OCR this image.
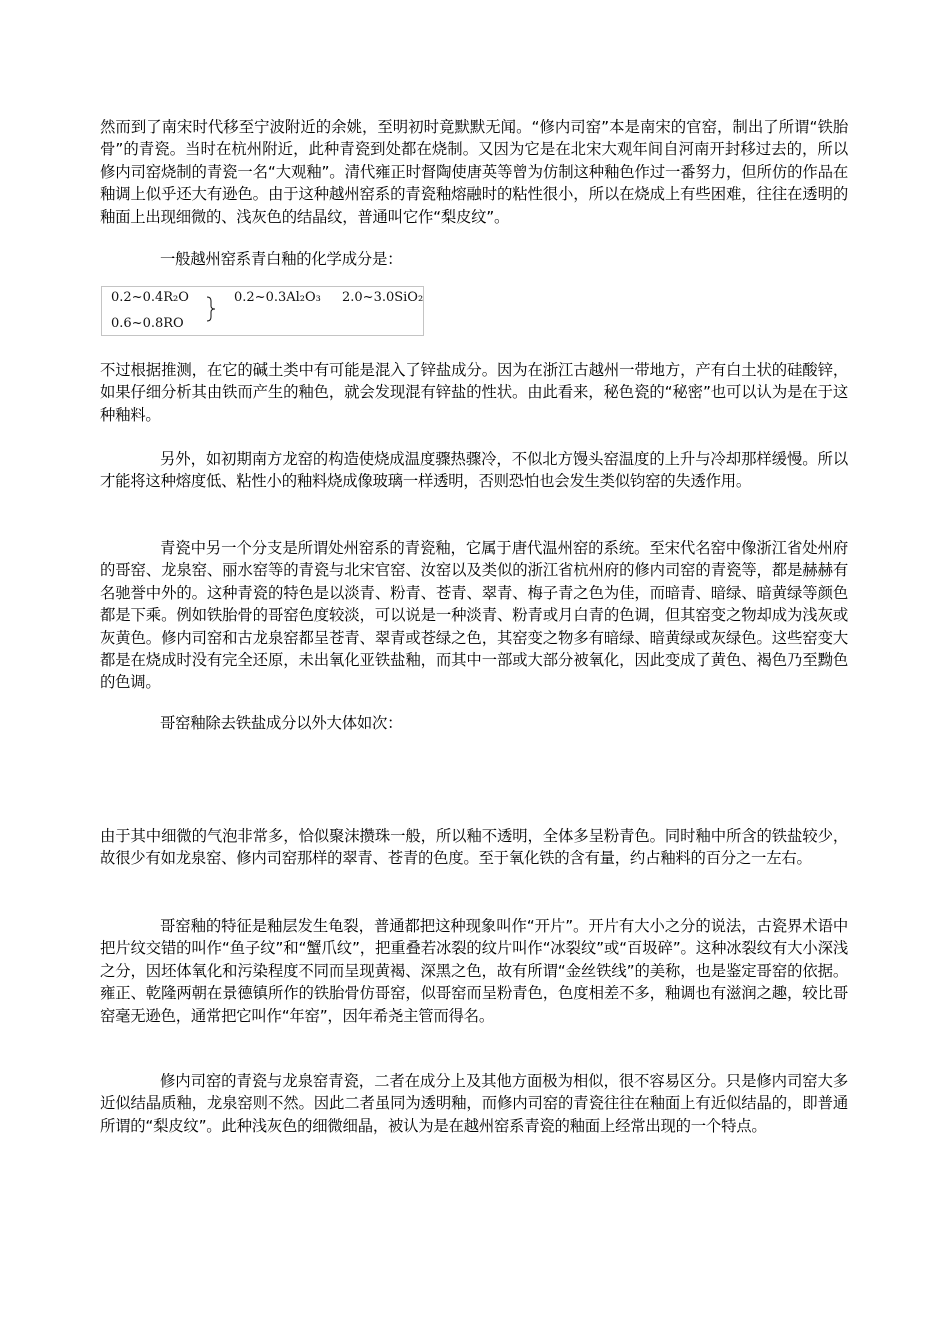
然而到了南宋时代移至宁波附近的余姚，至明初时竟默默无闻。“修内司窑”本是南宋的官窑，制出了所谓“铁胎骨”的青瓷。当时在杭州附近，此种青瓷到处都在烧制。又因为它是在北宋大观年间自河南开封移过去的，所以修内司窑烧制的青瓷一名“大观釉”。清代雍正时督陶使唐英等曾为仿制这种釉色作过一番努力，但所仿的作品在釉调上似乎还大有逊色。由于这种越州窑系的青瓷釉熔融时的粘性很小，所以在烧成上有些困难，往往在透明的釉面上出现细微的、浅灰色的结晶纹，普通叫它作“梨皮纹”。

一般越州窑系青白釉的化学成分是：

0.2~0.4R₂O
0.6~0.8RO
0.2~0.3Al₂O₃ 2.0~3.0SiO₂

不过根据推测，在它的碱土类中有可能是混入了锌盐成分。因为在浙江古越州一带地方，产有白土状的硅酸锌，如果仔细分析其由铁而产生的釉色，就会发现混有锌盐的性状。由此看来，秘色瓷的“秘密”也可以认为是在于这种釉料。

另外，如初期南方龙窑的构造使烧成温度骤热骤冷，不似北方馒头窑温度的上升与冷却那样缓慢。所以才能将这种熔度低、粘性小的釉料烧成像玻璃一样透明，否则恐怕也会发生类似钧窑的失透作用。

青瓷中另一个分支是所谓处州窑系的青瓷釉，它属于唐代温州窑的系统。至宋代名窑中像浙江省处州府的哥窑、龙泉窑、丽水窑等的青瓷与北宋官窑、汝窑以及类似的浙江省杭州府的修内司窑的青瓷等，都是赫赫有名驰誉中外的。这种青瓷的特色是以淡青、粉青、苍青、翠青、梅子青之色为佳，而暗青、暗绿、暗黄绿等颜色都是下乘。例如铁胎骨的哥窑色度较淡，可以说是一种淡青、粉青或月白青的色调，但其窑变之物却成为浅灰或灰黄色。修内司窑和古龙泉窑都呈苍青、翠青或苍绿之色，其窑变之物多有暗绿、暗黄绿或灰绿色。这些窑变大都是在烧成时没有完全还原，未出氧化亚铁盐釉，而其中一部或大部分被氧化，因此变成了黄色、褐色乃至黝色的色调。

哥窑釉除去铁盐成分以外大体如次：

由于其中细微的气泡非常多，恰似聚沫攒珠一般，所以釉不透明，全体多呈粉青色。同时釉中所含的铁盐较少，故很少有如龙泉窑、修内司窑那样的翠青、苍青的色度。至于氧化铁的含有量，约占釉料的百分之一左右。

哥窑釉的特征是釉层发生龟裂，普通都把这种现象叫作“开片”。开片有大小之分的说法，古瓷界术语中把片纹交错的叫作“鱼子纹”和“蟹爪纹”，把重叠若冰裂的纹片叫作“冰裂纹”或“百圾碎”。这种冰裂纹有大小深浅之分，因坯体氧化和污染程度不同而呈现黄褐、深黑之色，故有所谓“金丝铁线”的美称，也是鉴定哥窑的依据。雍正、乾隆两朝在景德镇所作的铁胎骨仿哥窑，似哥窑而呈粉青色，色度相差不多，釉调也有滋润之趣，较比哥窑毫无逊色，通常把它叫作“年窑”，因年希尧主管而得名。

修内司窑的青瓷与龙泉窑青瓷，二者在成分上及其他方面极为相似，很不容易区分。只是修内司窑大多近似结晶质釉，龙泉窑则不然。因此二者虽同为透明釉，而修内司窑的青瓷往往在釉面上有近似结晶的，即普通所谓的“梨皮纹”。此种浅灰色的细微细晶，被认为是在越州窑系青瓷的釉面上经常出现的一个特点。
